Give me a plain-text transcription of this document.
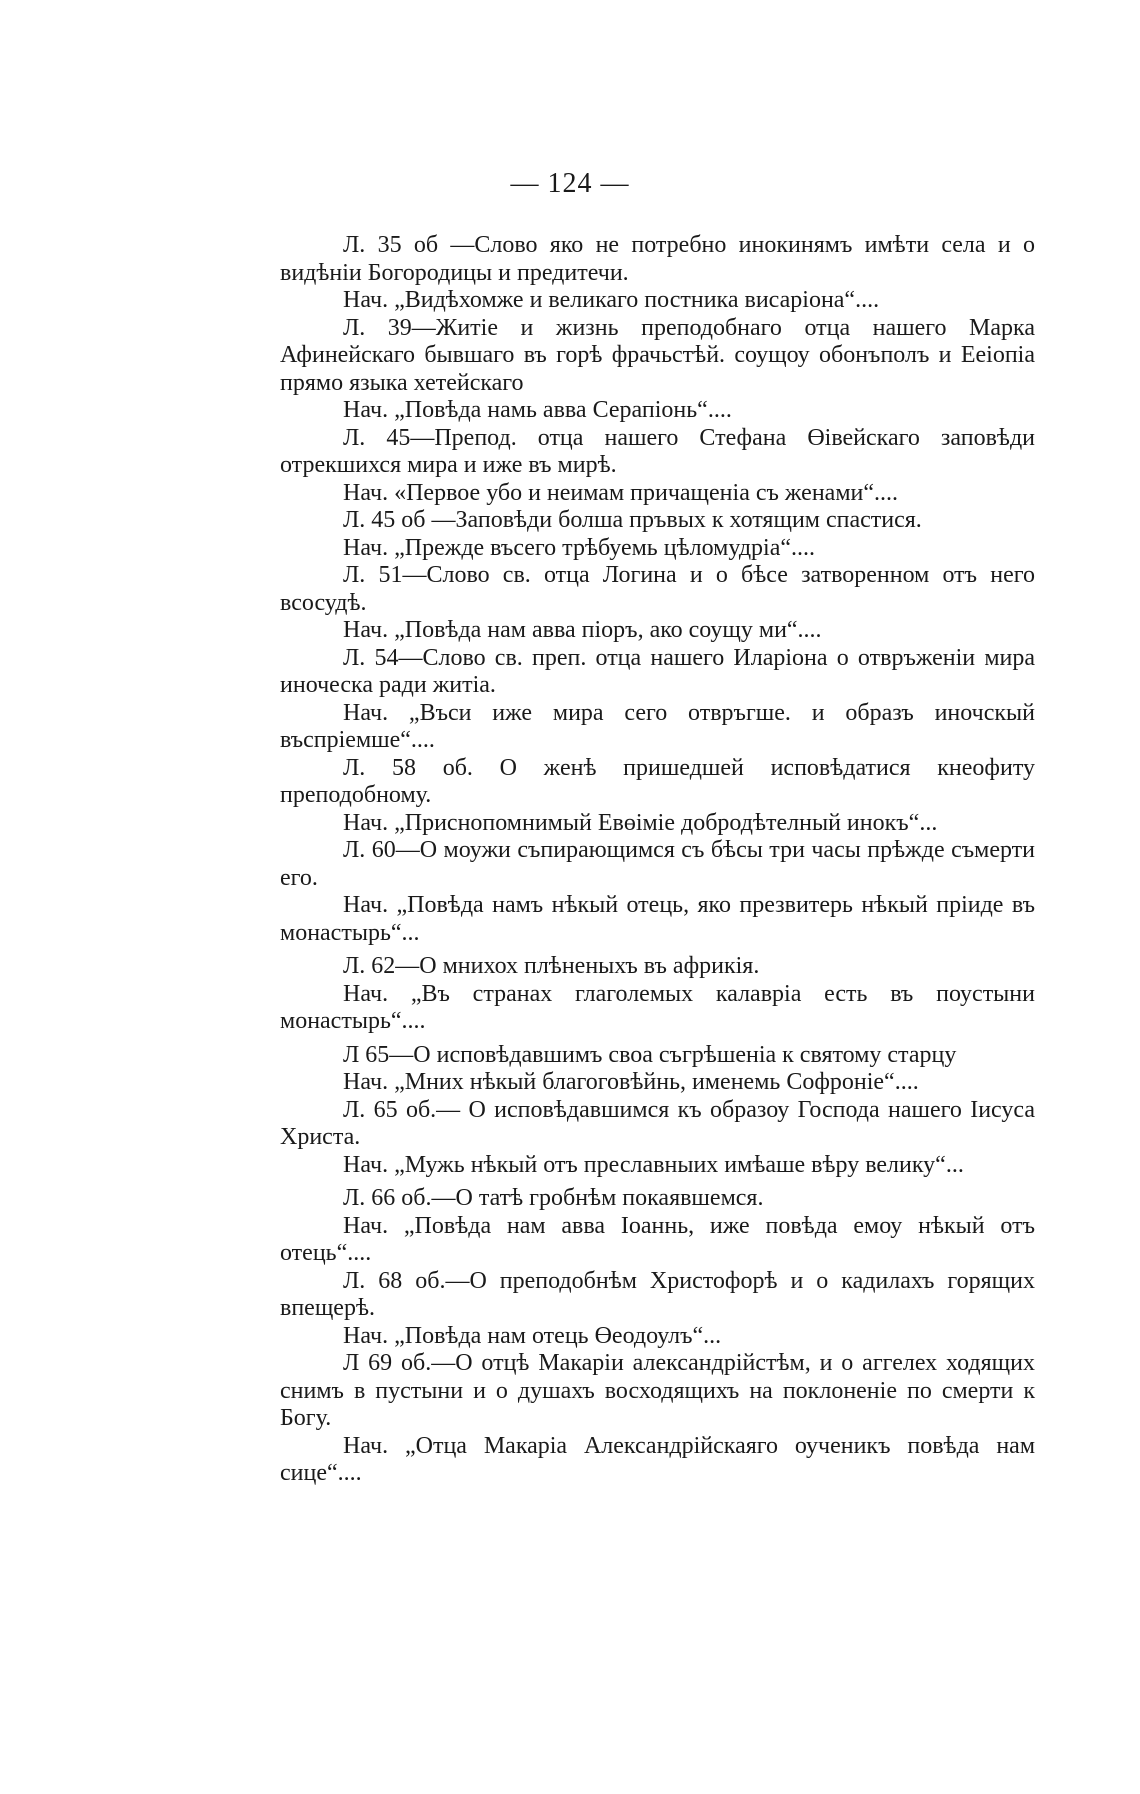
— 124 —

Л. 35 об —Слово яко не потребно инокинямъ имѣти села и о видѣнiи Богородицы и предитечи.

Нач. „Видѣхомже и великаго постника висарiона“....

Л. 39—Житiе и жизнь преподобнаго отца нашего Марка Афинейскаго бывшаго въ горѣ фрачьстѣй. соущоу обонъполъ и Ееiопiа прямо языка хетейскаго

Нач. „Повѣда намь авва Серапiонь“....

Л. 45—Препод. отца нашего Стефана Өiвейскаго заповѣди отрекшихся мира и иже въ мирѣ.

Нач. «Первое убо и неимам причащенiа съ женами“....

Л. 45 об —Заповѣди болша пръвых к хотящим спастися.

Нач. „Прежде въсего трѣбуемь цѣломудрiа“....

Л. 51—Слово св. отца Логина и о бѣсе затворенном отъ него всосудѣ.

Нач. „Повѣда нам авва пiоръ, ако соущу ми“....

Л. 54—Слово св. преп. отца нашего Иларiона о отвръженiи мира иноческа ради житiа.

Нач. „Въси иже мира сего отвръгше. и образъ иночскый въспрiемше“....

Л. 58 об. О женѣ пришедшей исповѣдатися кнеофиту преподобному.

Нач. „Приснопомнимый Евөiмiе добродѣтелный инокъ“...

Л. 60—О моужи съпирающимся съ бѣсы три часы прѣжде съмерти его.

Нач. „Повѣда намъ нѣкый отець, яко презвитерь нѣкый прiиде въ монастырь“...

Л. 62—О мнихох плѣненыхъ въ африкiя.

Нач. „Въ странах глаголемых калаврiа есть въ поустыни монастырь“....

Л 65—О исповѣдавшимъ своа съгрѣшенiа к святому старцу

Нач. „Мних нѣкый благоговѣйнь, именемь Софронiе“....

Л. 65 об.— О исповѣдавшимся къ образоу Господа нашего Iисуса Христа.

Нач. „Мужь нѣкый отъ преславныих имѣаше вѣру велику“...

Л. 66 об.—О татѣ гробнѣм покаявшемся.

Нач. „Повѣда нам авва Iоаннь, иже повѣда емоу нѣкый отъ отець“....

Л. 68 об.—О преподобнѣм Христофорѣ и о кадилахъ горящих впещерѣ.

Нач. „Повѣда нам отець Өеодоулъ“...

Л 69 об.—О отцѣ Макарiи александрiйстѣм, и о аггелех ходящих снимъ в пустыни и о душахъ восходящихъ на поклоненiе по смерти к Богу.

Нач. „Отца Макарiа Александрiйскаяго оученикъ повѣда нам сице“....
